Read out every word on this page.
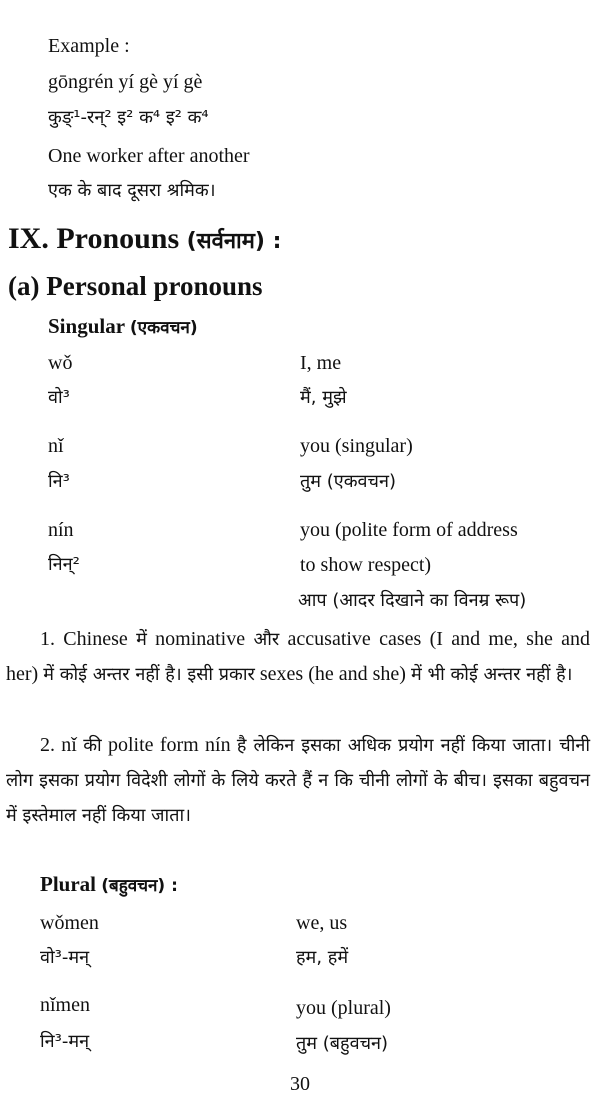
Example :
gōngrén yí gè yí gè
कुङ्¹-रन्² इ² क⁴ इ² क⁴
One worker after another
एक के बाद दूसरा श्रमिक।
IX. Pronouns (सर्वनाम) :
(a) Personal pronouns
Singular (एकवचन)
wǒ	I, me
वो³	मैं, मुझे
nǐ	you (singular)
नि³	तुम (एकवचन)
nín	you (polite form of address
निन्²	to show respect)
आप (आदर दिखाने का विनम्र रूप)

1. Chinese में nominative और accusative cases (I and me, she and her) में कोई अन्तर नहीं है। इसी प्रकार sexes (he and she) में भी कोई अन्तर नहीं है।

2. nǐ की polite form nín है लेकिन इसका अधिक प्रयोग नहीं किया जाता। चीनी लोग इसका प्रयोग विदेशी लोगों के लिये करते हैं न कि चीनी लोगों के बीच। इसका बहुवचन में इस्तेमाल नहीं किया जाता।

Plural (बहुवचन) :
wǒmen	we, us
वो³-मन्	हम, हमें
nǐmen	you (plural)
नि³-मन्	तुम (बहुवचन)
30
